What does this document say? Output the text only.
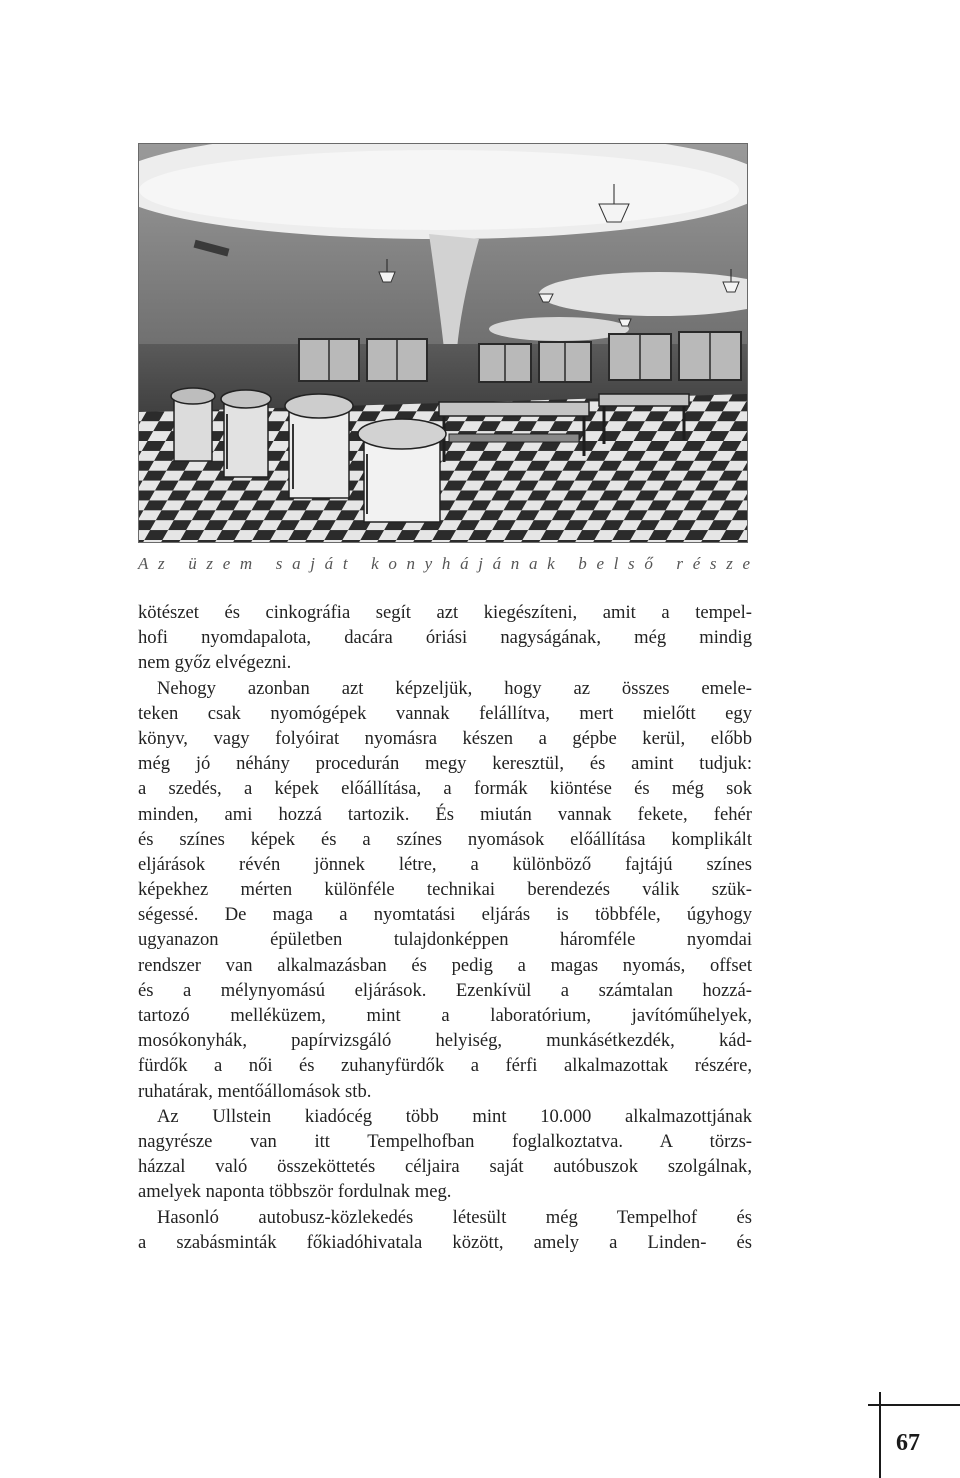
Az üzem saját konyhájának belső része
kötészet és cinkográfia segít azt kiegészíteni, amit a tempel-
hofi nyomdapalota, dacára óriási nagyságának, még mindig
nem győz elvégezni.
Nehogy azonban azt képzeljük, hogy az összes emele-
teken csak nyomógépek vannak felállítva, mert mielőtt egy
könyv, vagy folyóirat nyomásra készen a gépbe kerül, előbb
még jó néhány procedurán megy keresztül, és amint tudjuk:
a szedés, a képek előállítása, a formák kiöntése és még sok
minden, ami hozzá tartozik. És miután vannak fekete, fehér
és színes képek és a színes nyomások előállítása komplikált
eljárások révén jönnek létre, a különböző fajtájú színes
képekhez mérten különféle technikai berendezés válik szük-
ségessé. De maga a nyomtatási eljárás is többféle, úgyhogy
ugyanazon épületben tulajdonképpen háromféle nyomdai
rendszer van alkalmazásban és pedig a magas nyomás, offset
és a mélynyomású eljárások. Ezenkívül a számtalan hozzá-
tartozó melléküzem, mint a laboratórium, javítóműhelyek,
mosókonyhák, papírvizsgáló helyiség, munkásétkezdék, kád-
fürdők a női és zuhanyfürdők a férfi alkalmazottak részére,
ruhatárak, mentőállomások stb.
Az Ullstein kiadócég több mint 10.000 alkalmazottjának
nagyrésze van itt Tempelhofban foglalkoztatva. A törzs-
házzal való összeköttetés céljaira saját autóbuszok szolgálnak,
amelyek naponta többször fordulnak meg.
Hasonló autobusz-közlekedés létesült még Tempelhof és
a szabásminták főkiadóhivatala között, amely a Linden- és
67
